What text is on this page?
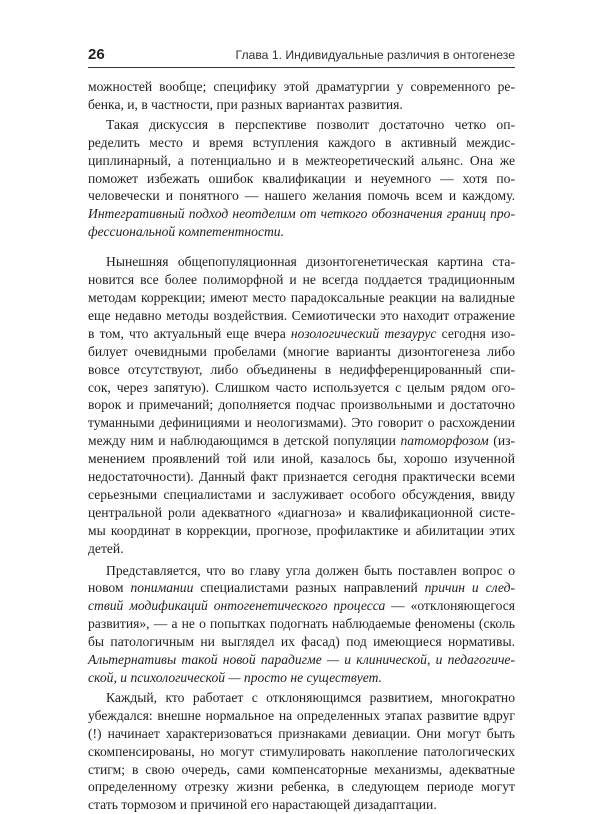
26	Глава 1. Индивидуальные различия в онтогенезе
можностей вообще; специфику этой драматургии у современного ре-
бенка, и, в частности, при разных вариантах развития.
Такая дискуссия в перспективе позволит достаточно четко оп-
ределить место и время вступления каждого в активный междис-
циплинарный, а потенциально и в межтеоретический альянс. Она же
поможет избежать ошибок квалификации и неуемного — хотя по-
человечески и понятного — нашего желания помочь всем и каждому.
Интегративный подход неотделим от четкого обозначения границ про-
фессиональной компетентности.
Нынешняя общепопуляционная дизонтогенетическая картина ста-
новится все более полиморфной и не всегда поддается традиционным
методам коррекции; имеют место парадоксальные реакции на валидные
еще недавно методы воздействия. Семиотически это находит отражение
в том, что актуальный еще вчера нозологический тезаурус сегодня изо-
билует очевидными пробелами (многие варианты дизонтогенеза либо
вовсе отсутствуют, либо объединены в недифференцированный спи-
сок, через запятую). Слишком часто используется с целым рядом ого-
ворок и примечаний; дополняется подчас произвольными и достаточно
туманными дефинициями и неологизмами). Это говорит о расхождении
между ним и наблюдающимся в детской популяции патоморфозом (из-
менением проявлений той или иной, казалось бы, хорошо изученной
недостаточности). Данный факт признается сегодня практически всеми
серьезными специалистами и заслуживает особого обсуждения, ввиду
центральной роли адекватного «диагноза» и квалификационной систе-
мы координат в коррекции, прогнозе, профилактике и абилитации этих
детей.
Представляется, что во главу угла должен быть поставлен вопрос о
новом понимании специалистами разных направлений причин и след-
ствий модификаций онтогенетического процесса — «отклоняющегося
развития», — а не о попытках подогнать наблюдаемые феномены (сколь
бы патологичным ни выглядел их фасад) под имеющиеся нормативы.
Альтернативы такой новой парадигме — и клинической, и педагогиче-
ской, и психологической — просто не существует.
Каждый, кто работает с отклоняющимся развитием, многократно
убеждался: внешне нормальное на определенных этапах развитие вдруг
(!) начинает характеризоваться признаками девиации. Они могут быть
скомпенсированы, но могут стимулировать накопление патологических
стигм; в свою очередь, сами компенсаторные механизмы, адекватные
определенному отрезку жизни ребенка, в следующем периоде могут
стать тормозом и причиной его нарастающей дизадаптации.
